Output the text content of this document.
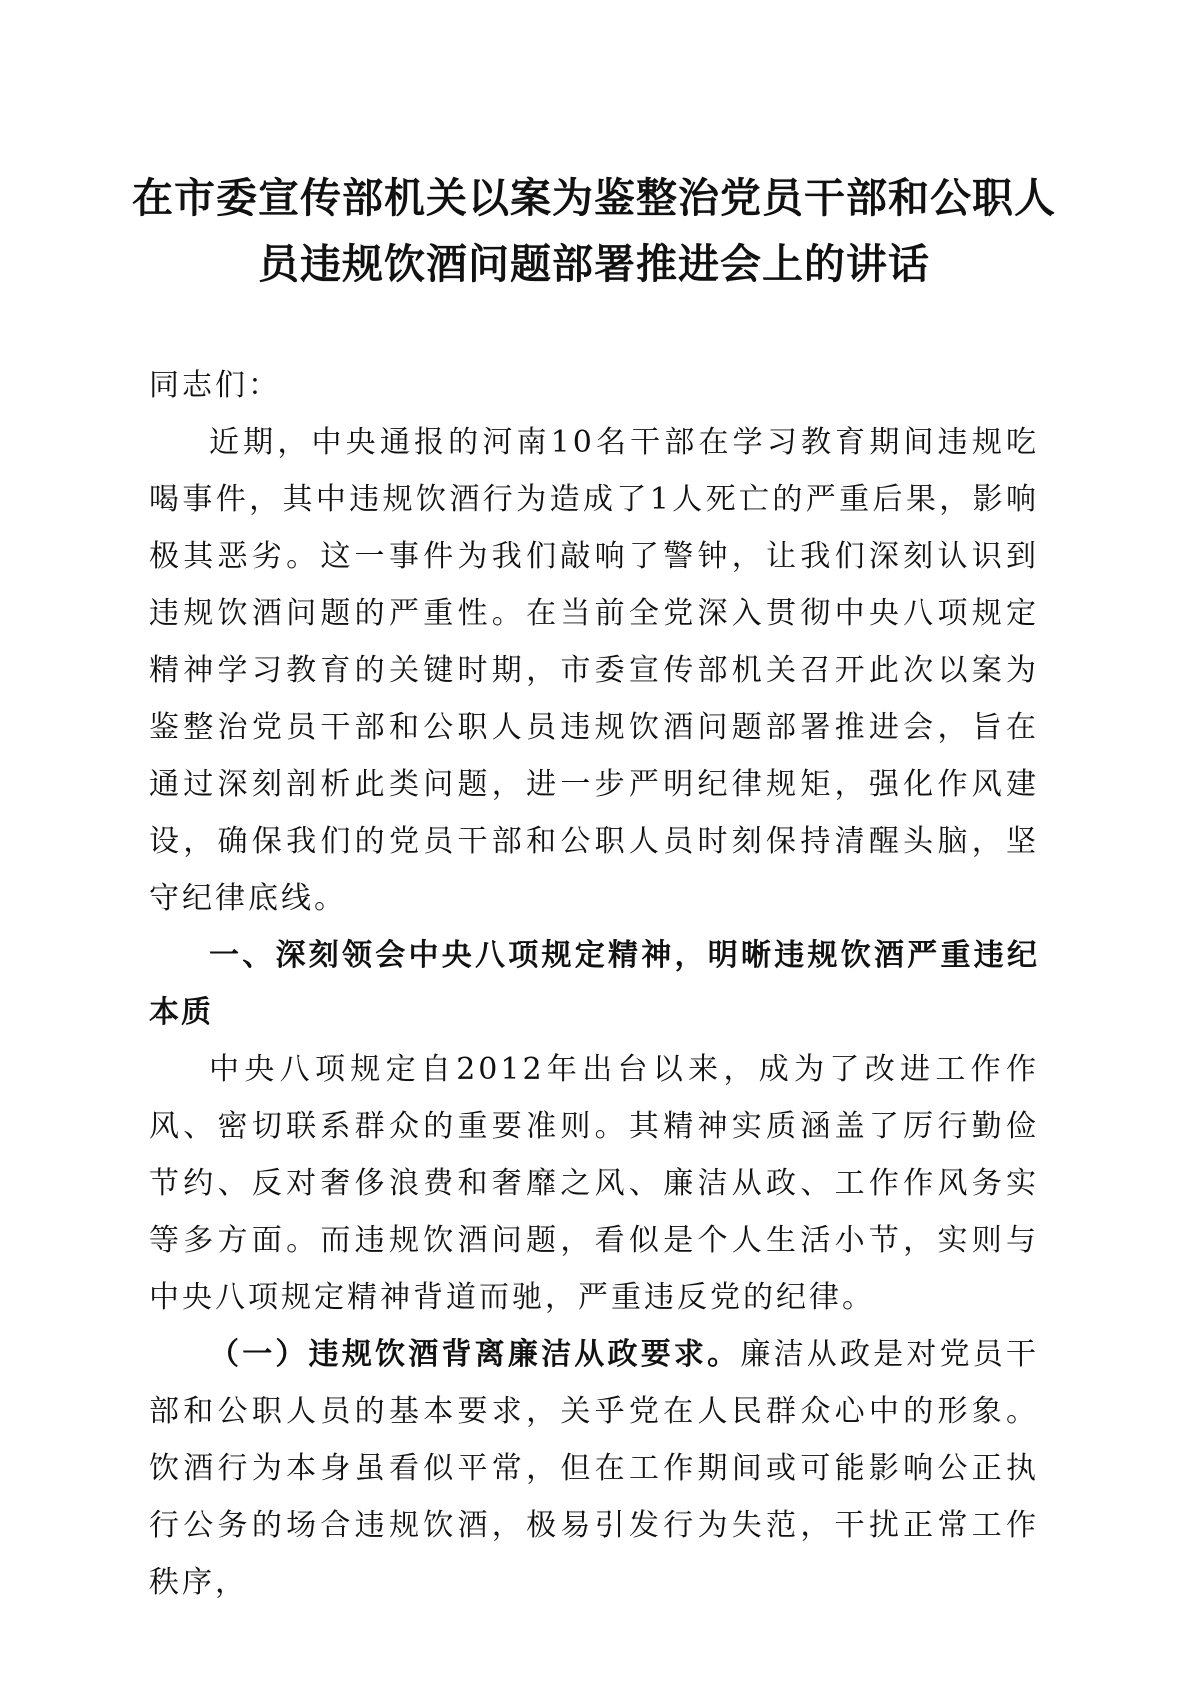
在市委宣传部机关以案为鉴整治党员干部和公职人员违规饮酒问题部署推进会上的讲话

同志们：

近期，中央通报的河南10名干部在学习教育期间违规吃喝事件，其中违规饮酒行为造成了1人死亡的严重后果，影响极其恶劣。这一事件为我们敲响了警钟，让我们深刻认识到违规饮酒问题的严重性。在当前全党深入贯彻中央八项规定精神学习教育的关键时期，市委宣传部机关召开此次以案为鉴整治党员干部和公职人员违规饮酒问题部署推进会，旨在通过深刻剖析此类问题，进一步严明纪律规矩，强化作风建设，确保我们的党员干部和公职人员时刻保持清醒头脑，坚守纪律底线。

一、深刻领会中央八项规定精神，明晰违规饮酒严重违纪本质

中央八项规定自2012年出台以来，成为了改进工作作风、密切联系群众的重要准则。其精神实质涵盖了厉行勤俭节约、反对奢侈浪费和奢靡之风、廉洁从政、工作作风务实等多方面。而违规饮酒问题，看似是个人生活小节，实则与中央八项规定精神背道而驰，严重违反党的纪律。

（一）违规饮酒背离廉洁从政要求。廉洁从政是对党员干部和公职人员的基本要求，关乎党在人民群众心中的形象。饮酒行为本身虽看似平常，但在工作期间或可能影响公正执行公务的场合违规饮酒，极易引发行为失范，干扰正常工作秩序，
